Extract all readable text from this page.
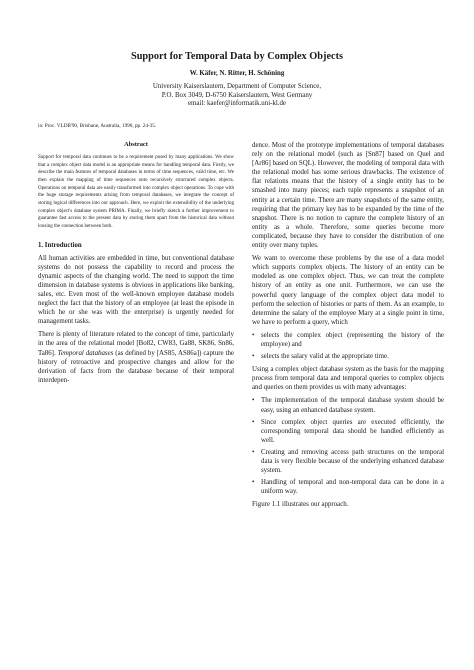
Support for Temporal Data by Complex Objects
W. Käfer, N. Ritter, H. Schöning
University Kaiserslautern, Department of Computer Science,
P.O. Box 3049, D-6750 Kaiserslautern, West Germany
email: kaefer@informatik.uni-kl.de
in: Proc. VLDB'90, Brisbane, Australia, 1990, pp. 24-35.
Abstract

Support for temporal data continues to be a requirement posed by many applications. We show that a complex object data model is an appropriate means for handling temporal data. Firstly, we describe the main features of temporal databases in terms of time sequences, valid time, etc. We then explain the mapping of time sequences onto recursively structured complex objects. Operations on temporal data are easily transformed into complex object operations. To cope with the huge storage requirements arising from temporal databases, we integrate the concept of storing logical differences into our approach. Here, we exploit the extensibility of the underlying complex object's database system PRIMA. Finally, we briefly sketch a further improvement to guarantee fast access to the present data by storing them apart from the historical data without loosing the connection between both.

1. Introduction

All human activities are embedded in time, but conventional database systems do not possess the capability to record and process the dynamic aspects of the changing world. The need to support the time dimension in database systems is obvious in applications like banking, sales, etc. Even most of the well-known employee database models neglect the fact that the history of an employee (at least the episode in which he or she was with the enterprise) is urgently needed for management tasks.

There is plenty of literature related to the concept of time, particularly in the area of the relational model [Bo82, CW83, Ga88, SK86, Sn86, Ta86]. Temporal databases (as defined by [AS85, AS86a]) capture the history of retroactive and prospective changes and allow for the derivation of facts from the database because of their temporal interdepen-

dence. Most of the prototype implementations of temporal databases rely on the relational model (such as [Sn87] based on Quel and [Ar86] based on SQL). However, the modeling of temporal data with the relational model has some serious drawbacks. The existence of flat relations means that the history of a single entity has to be smashed into many pieces; each tuple represents a snapshot of an entity at a certain time. There are many snapshots of the same entity, requiring that the primary key has to be expanded by the time of the snapshot. There is no notion to capture the complete history of an entity as a whole. Therefore, some queries become more complicated, because they have to consider the distribution of one entity over many tuples.

We want to overcome these problems by the use of a data model which supports complex objects. The history of an entity can be modeled as one complex object. Thus, we can treat the complete history of an entity as one unit. Furthermore, we can use the powerful query language of the complex object data model to perform the selection of histories or parts of them. As an example, to determine the salary of the employee Mary at a single point in time, we have to perform a query, which

• selects the complex object (representing the history of the employee) and
• selects the salary valid at the appropriate time.

Using a complex object database system as the basis for the mapping process from temporal data and temporal queries to complex objects and queries on them provides us with many advantages:

• The implementation of the temporal database system should be easy, using an enhanced database system.
• Since complex object queries are executed efficiently, the corresponding temporal data should be handled efficiently as well.
• Creating and removing access path structures on the temporal data is very flexible because of the underlying enhanced database system.
• Handling of temporal and non-temporal data can be done in a uniform way.

Figure 1.1 illustrates our approach.
